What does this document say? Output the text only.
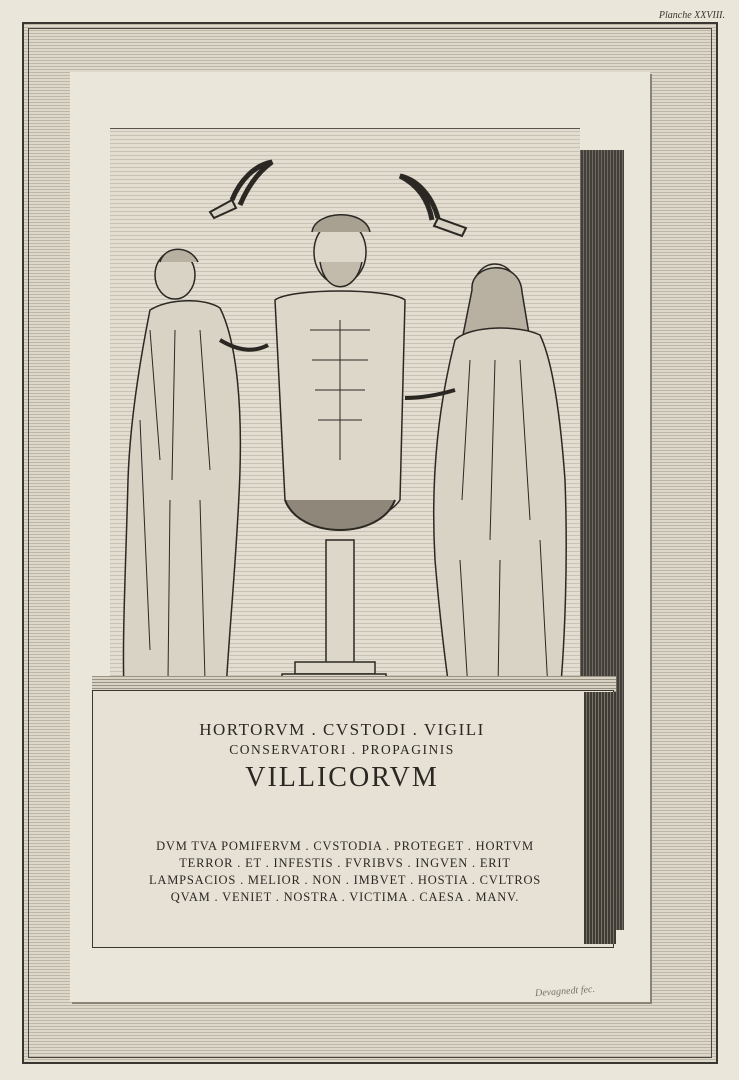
Planche XXVIII.
HORTORVM . CVSTODI . VIGILI
CONSERVATORI . PROPAGINIS
VILLICORVM
DVM TVA POMIFERVM . CVSTODIA . PROTEGET . HORTVM
TERROR . ET . INFESTIS . FVRIBVS . INGVEN . ERIT
LAMPSACIOS . MELIOR . NON . IMBVET . HOSTIA . CVLTROS
QVAM . VENIET . NOSTRA . VICTIMA . CAESA . MANV.
Devagnedt fec.
